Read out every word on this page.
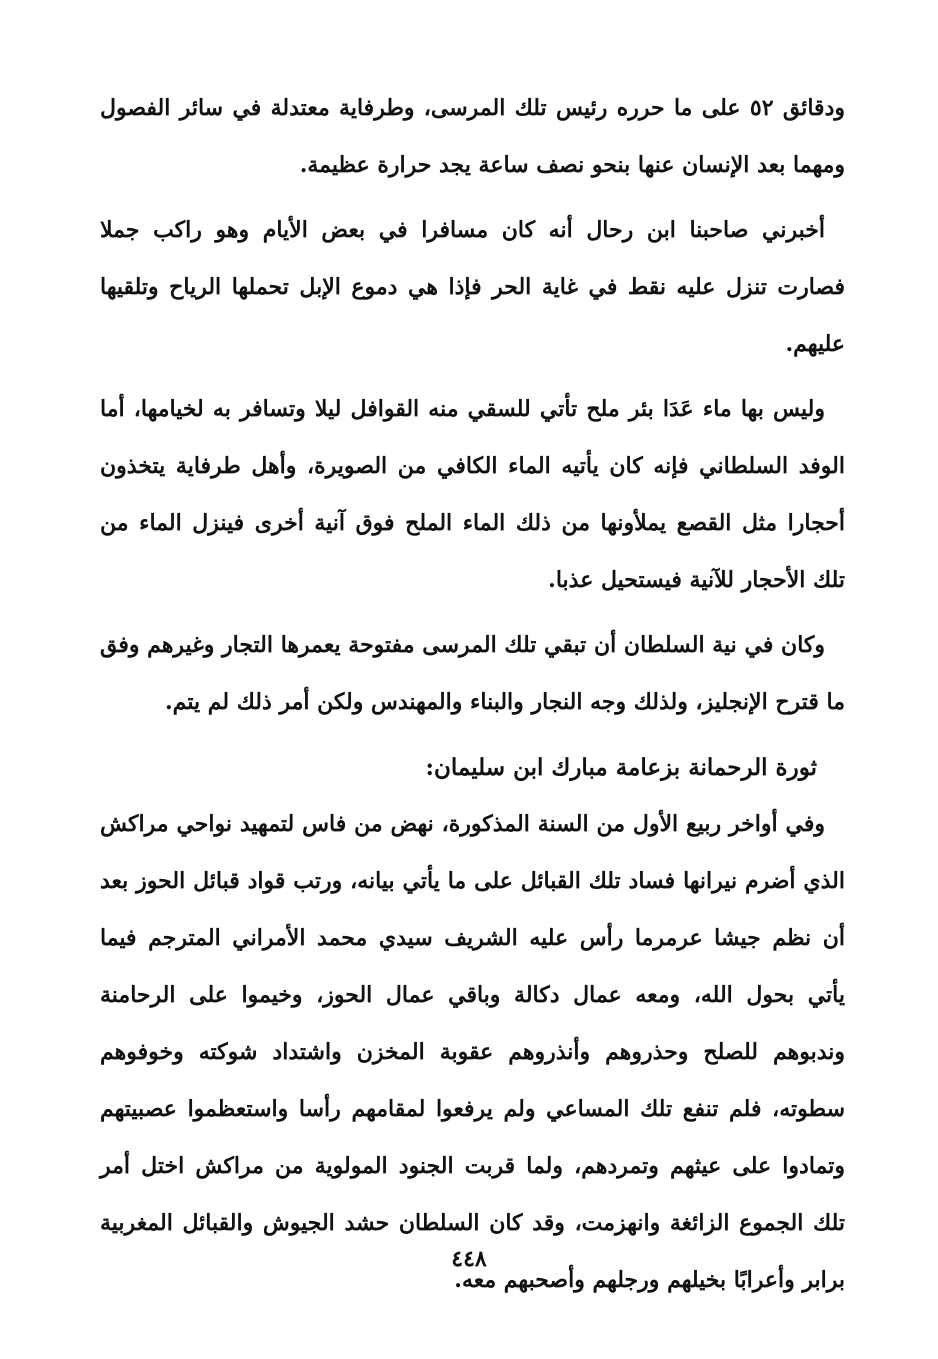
ودقائق ٥٢ على ما حرره رئيس تلك المرسى، وطرفاية معتدلة في سائر الفصول ومهما بعد الإنسان عنها بنحو نصف ساعة يجد حرارة عظيمة.

أخبرني صاحبنا ابن رحال أنه كان مسافرا في بعض الأيام وهو راكب جملا فصارت تنزل عليه نقط في غاية الحر فإذا هي دموع الإبل تحملها الرياح وتلقيها عليهم.

وليس بها ماء عَدَا بئر ملح تأتي للسقي منه القوافل ليلا وتسافر به لخيامها، أما الوفد السلطاني فإنه كان يأتيه الماء الكافي من الصويرة، وأهل طرفاية يتخذون أحجارا مثل القصع يملأونها من ذلك الماء الملح فوق آنية أخرى فينزل الماء من تلك الأحجار للآنية فيستحيل عذبا.

وكان في نية السلطان أن تبقي تلك المرسى مفتوحة يعمرها التجار وغيرهم وفق ما قترح الإنجليز، ولذلك وجه النجار والبناء والمهندس ولكن أمر ذلك لم يتم.

ثورة الرحمانة بزعامة مبارك ابن سليمان:

وفي أواخر ربيع الأول من السنة المذكورة، نهض من فاس لتمهيد نواحي مراكش الذي أضرم نيرانها فساد تلك القبائل على ما يأتي بيانه، ورتب قواد قبائل الحوز بعد أن نظم جيشا عرمرما رأس عليه الشريف سيدي محمد الأمراني المترجم فيما يأتي بحول الله، ومعه عمال دكالة وباقي عمال الحوز، وخيموا على الرحامنة وندبوهم للصلح وحذروهم وأنذروهم عقوبة المخزن واشتداد شوكته وخوفوهم سطوته، فلم تنفع تلك المساعي ولم يرفعوا لمقامهم رأسا واستعظموا عصبيتهم وتمادوا على عيثهم وتمردهم، ولما قربت الجنود المولوية من مراكش اختل أمر تلك الجموع الزائغة وانهزمت، وقد كان السلطان حشد الجيوش والقبائل المغربية برابر وأعرابًا بخيلهم ورجلهم وأصحبهم معه.

٤٤٨
